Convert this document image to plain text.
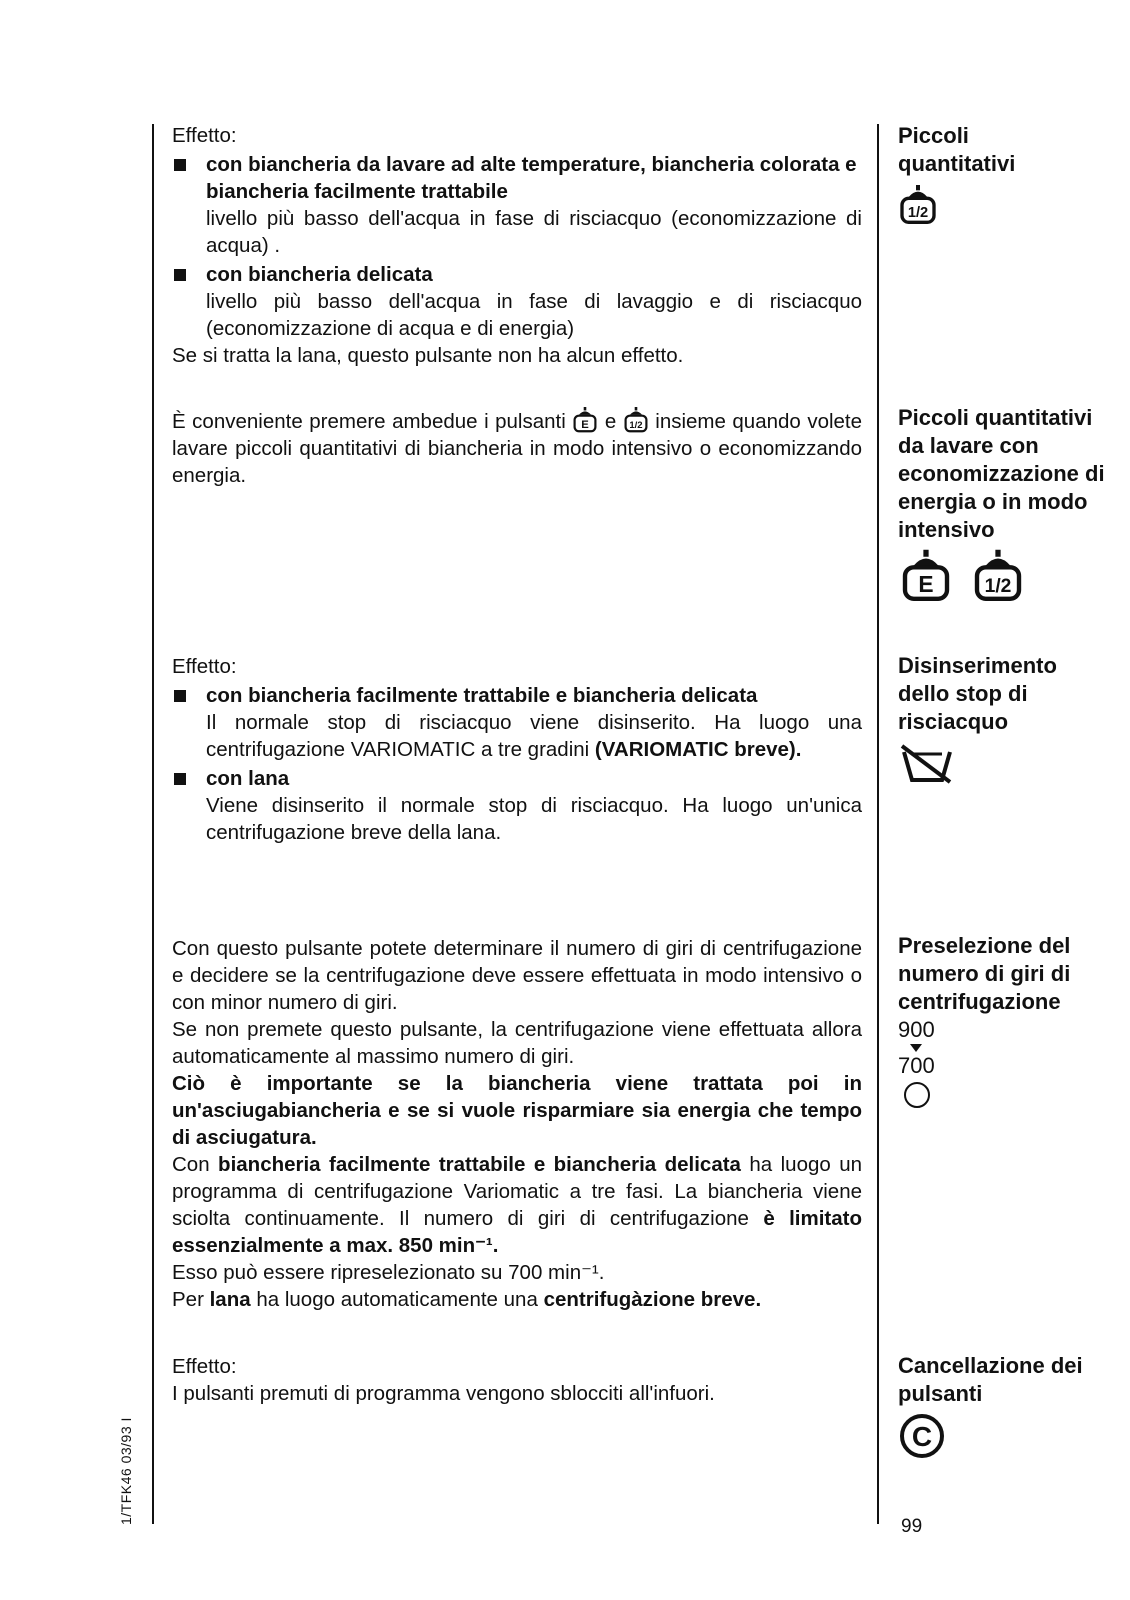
Effetto:

con biancheria da lavare ad alte temperature, biancheria colorata e biancheria facilmente trattabile
livello più basso dell'acqua in fase di risciacquo (economizzazione di acqua) .
con biancheria delicata
livello più basso dell'acqua in fase di lavaggio e di risciacquo (economizzazione di acqua e di energia)

Se si tratta la lana, questo pulsante non ha alcun effetto.

È conveniente premere ambedue i pulsanti E e 1/2 insieme quando volete lavare piccoli quantitativi di biancheria in modo intensivo o economizzando energia.

Effetto:

con biancheria facilmente trattabile e biancheria delicata
Il normale stop di risciacquo viene disinserito. Ha luogo una centrifugazione VARIOMATIC a tre gradini (VARIOMATIC breve).
con lana
Viene disinserito il normale stop di risciacquo. Ha luogo un'unica centrifugazione breve della lana.

Con questo pulsante potete determinare il numero di giri di centrifugazione e decidere se la centrifugazione deve essere effettuata in modo intensivo o con minor numero di giri.

Se non premete questo pulsante, la centrifugazione viene effettuata allora automaticamente al massimo numero di giri.

Ciò è importante se la biancheria viene trattata poi in un'asciugabiancheria e se si vuole risparmiare sia energia che tempo di asciugatura.

Con biancheria facilmente trattabile e biancheria delicata ha luogo un programma di centrifugazione Variomatic a tre fasi. La biancheria viene sciolta continuamente. Il numero di giri di centrifugazione è limitato essenzialmente a max. 850 min⁻¹.

Esso può essere ripreselezionato su 700 min⁻¹.

Per lana ha luogo automaticamente una centrifugàzione breve.

Effetto:

I pulsanti premuti di programma vengono sblocciti all'infuori.

Piccoli quantitativi
1/2
Piccoli quantitativi da lavare con economizzazione di energia o in modo intensivo
E
1/2
Disinserimento dello stop di risciacquo
Preselezione del numero di giri di centrifugazione
900
700
Cancellazione dei pulsanti
C
99
1/TFK46 03/93 I
